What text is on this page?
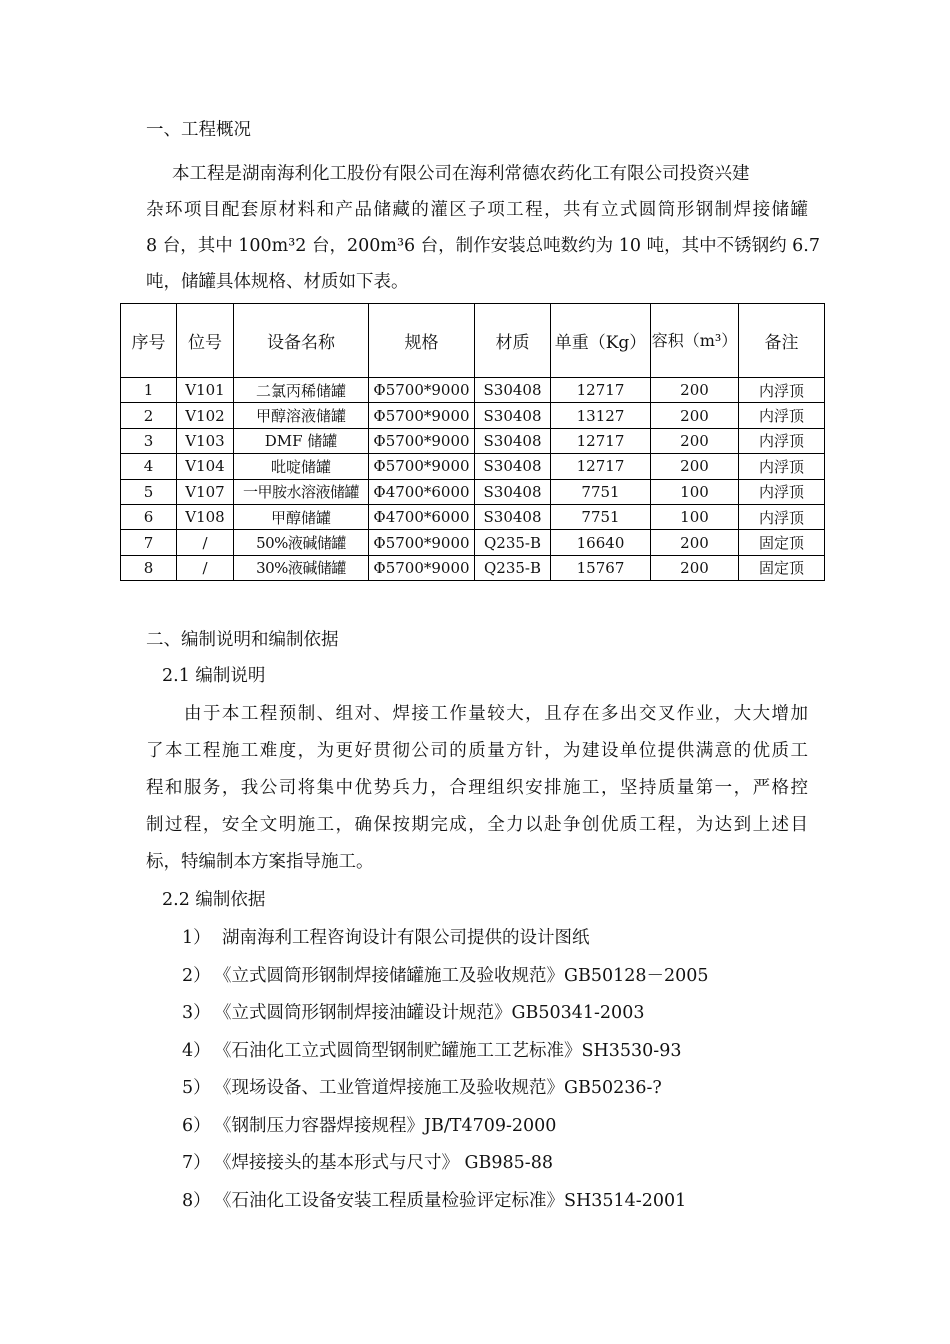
一、工程概况
本工程是湖南海利化工股份有限公司在海利常德农药化工有限公司投资兴建
杂环项目配套原材料和产品储藏的灌区子项工程，共有立式圆筒形钢制焊接储罐
8 台，其中 100m³2 台，200m³6 台，制作安装总吨数约为 10 吨，其中不锈钢约 6.7
吨，储罐具体规格、材质如下表。
序号	位号	设备名称	规格	材质	单重（Kg）	容积（m³）	备注
1	V101	二氯丙稀储罐	Φ5700*9000	S30408	12717	200	内浮顶
2	V102	甲醇溶液储罐	Φ5700*9000	S30408	13127	200	内浮顶
3	V103	DMF 储罐	Φ5700*9000	S30408	12717	200	内浮顶
4	V104	吡啶储罐	Φ5700*9000	S30408	12717	200	内浮顶
5	V107	一甲胺水溶液储罐	Φ4700*6000	S30408	7751	100	内浮顶
6	V108	甲醇储罐	Φ4700*6000	S30408	7751	100	内浮顶
7	/	50%液碱储罐	Φ5700*9000	Q235-B	16640	200	固定顶
8	/	30%液碱储罐	Φ5700*9000	Q235-B	15767	200	固定顶
二、编制说明和编制依据
2.1 编制说明
由于本工程预制、组对、焊接工作量较大，且存在多出交叉作业，大大增加
了本工程施工难度，为更好贯彻公司的质量方针，为建设单位提供满意的优质工
程和服务，我公司将集中优势兵力，合理组织安排施工，坚持质量第一，严格控
制过程，安全文明施工，确保按期完成，全力以赴争创优质工程，为达到上述目
标，特编制本方案指导施工。
2.2 编制依据
1） 湖南海利工程咨询设计有限公司提供的设计图纸
2） 《立式圆筒形钢制焊接储罐施工及验收规范》GB50128－2005
3） 《立式圆筒形钢制焊接油罐设计规范》GB50341-2003
4） 《石油化工立式圆筒型钢制贮罐施工工艺标准》SH3530-93
5） 《现场设备、工业管道焊接施工及验收规范》GB50236-?
6） 《钢制压力容器焊接规程》JB/T4709-2000
7） 《焊接接头的基本形式与尺寸》 GB985-88
8） 《石油化工设备安装工程质量检验评定标准》SH3514-2001
